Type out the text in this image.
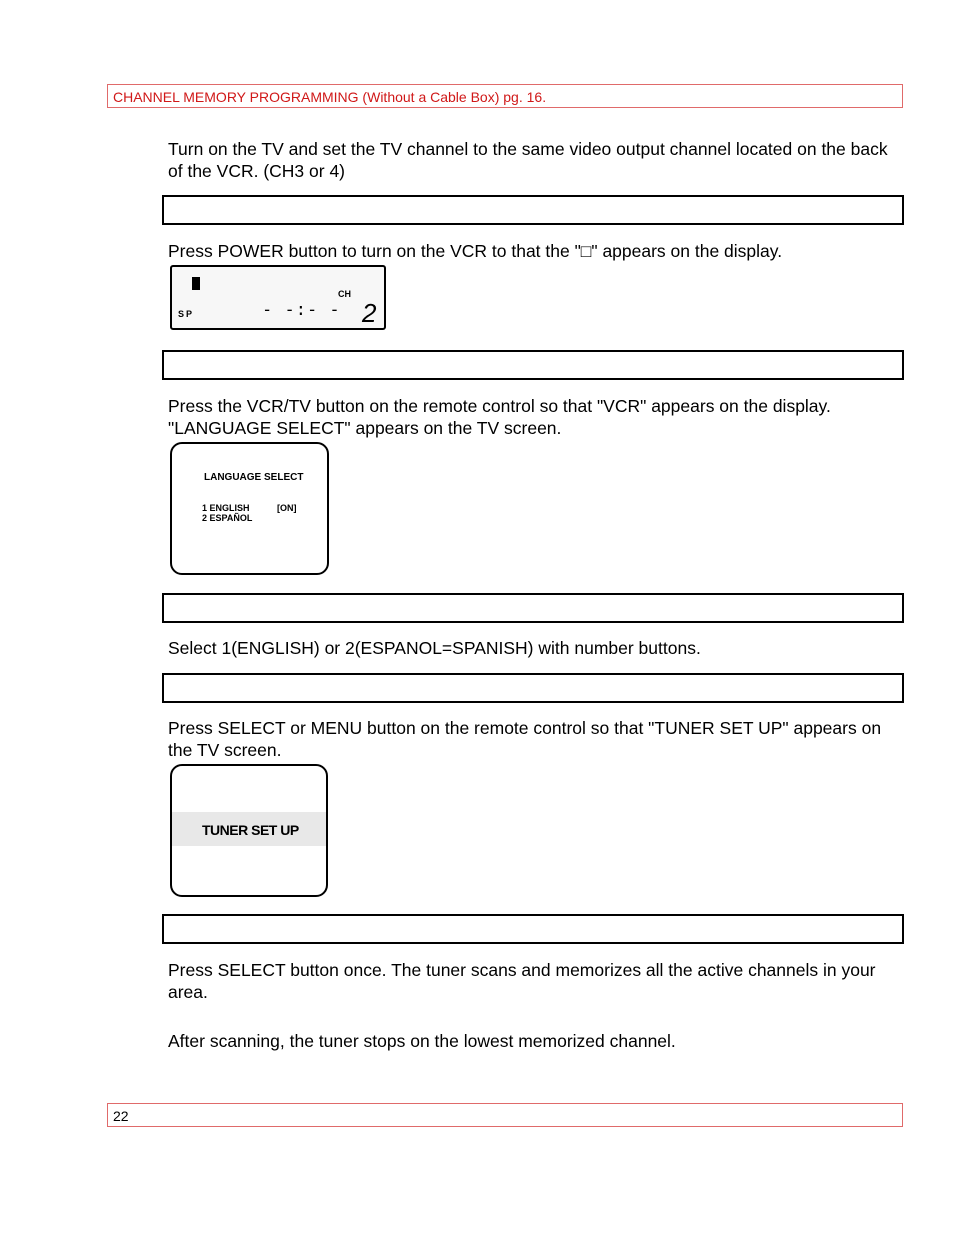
CHANNEL MEMORY PROGRAMMING (Without a Cable Box) pg. 16.
Turn on the TV and set the TV channel to the same video output channel located on the back of the VCR. (CH3 or 4)
Press POWER button to turn on the VCR to that the "□" appears on the display.
CH
SP	- -:- - 2
Press the VCR/TV button on the remote control so that "VCR" appears on the display. "LANGUAGE SELECT" appears on the TV screen.
LANGUAGE SELECT
1 ENGLISH	[ON]
2 ESPAÑOL
Select 1(ENGLISH) or 2(ESPANOL=SPANISH) with number buttons.
Press SELECT or MENU button on the remote control so that "TUNER SET UP" appears on the TV screen.
TUNER SET UP
Press SELECT button once. The tuner scans and memorizes all the active channels in your area.
After scanning, the tuner stops on the lowest memorized channel.
22
